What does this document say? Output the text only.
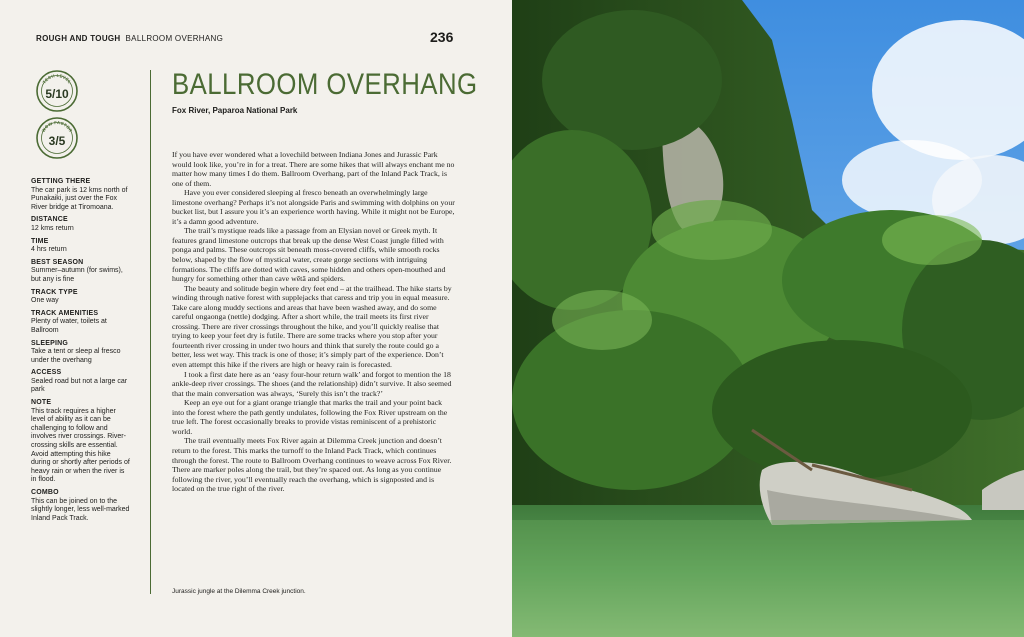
ROUGH AND TOUGH BALLROOM OVERHANG	236
TECH LEVEL
5/10
WOW FACTOR
3/5
GETTING THERE
The car park is 12 kms north of Punakaiki, just over the Fox River bridge at Tiromoana.
DISTANCE
12 kms return
TIME
4 hrs return
BEST SEASON
Summer–autumn (for swims), but any is fine
TRACK TYPE
One way
TRACK AMENITIES
Plenty of water, toilets at Ballroom
SLEEPING
Take a tent or sleep al fresco under the overhang
ACCESS
Sealed road but not a large car park
NOTE
This track requires a higher level of ability as it can be challenging to follow and involves river crossings. River-crossing skills are essential. Avoid attempting this hike during or shortly after periods of heavy rain or when the river is in flood.
COMBO
This can be joined on to the slightly longer, less well-marked Inland Pack Track.
BALLROOM OVERHANG
Fox River, Paparoa National Park

If you have ever wondered what a lovechild between Indiana Jones and Jurassic Park would look like, you’re in for a treat. There are some hikes that will always enchant me no matter how many times I do them. Ballroom Overhang, part of the Inland Pack Track, is one of them.

Have you ever considered sleeping al fresco beneath an overwhelmingly large limestone overhang? Perhaps it’s not alongside Paris and swimming with dolphins on your bucket list, but I assure you it’s an experience worth having. While it might not be Europe, it’s a damn good adventure.

The trail’s mystique reads like a passage from an Elysian novel or Greek myth. It features grand limestone outcrops that break up the dense West Coast jungle filled with ponga and palms. These outcrops sit beneath moss-covered cliffs, while smooth rocks below, shaped by the flow of mystical water, create gorge sections with intriguing formations. The cliffs are dotted with caves, some hidden and others open-mouthed and hungry for something other than cave wētā and spiders.

The beauty and solitude begin where dry feet end – at the trailhead. The hike starts by winding through native forest with supplejacks that caress and trip you in equal measure. Take care along muddy sections and areas that have been washed away, and do some careful ongaonga (nettle) dodging. After a short while, the trail meets its first river crossing. There are river crossings throughout the hike, and you’ll quickly realise that trying to keep your feet dry is futile. There are some tracks where you stop after your fourteenth river crossing in under two hours and think that surely the route could go a better, less wet way. This track is one of those; it’s simply part of the experience. Don’t even attempt this hike if the rivers are high or heavy rain is forecasted.

I took a first date here as an ‘easy four-hour return walk’ and forgot to mention the 18 ankle-deep river crossings. The shoes (and the relationship) didn’t survive. It also seemed that the main conversation was always, ‘Surely this isn’t the track?’

Keep an eye out for a giant orange triangle that marks the trail and your point back into the forest where the path gently undulates, following the Fox River upstream on the true left. The forest occasionally breaks to provide vistas reminiscent of a prehistoric world.

The trail eventually meets Fox River again at Dilemma Creek junction and doesn’t return to the forest. This marks the turnoff to the Inland Pack Track, which continues through the forest. The route to Ballroom Overhang continues to weave across Fox River. There are marker poles along the trail, but they’re spaced out. As long as you continue following the river, you’ll eventually reach the overhang, which is signposted and is located on the true right of the river.

Jurassic jungle at the Dilemma Creek junction.
